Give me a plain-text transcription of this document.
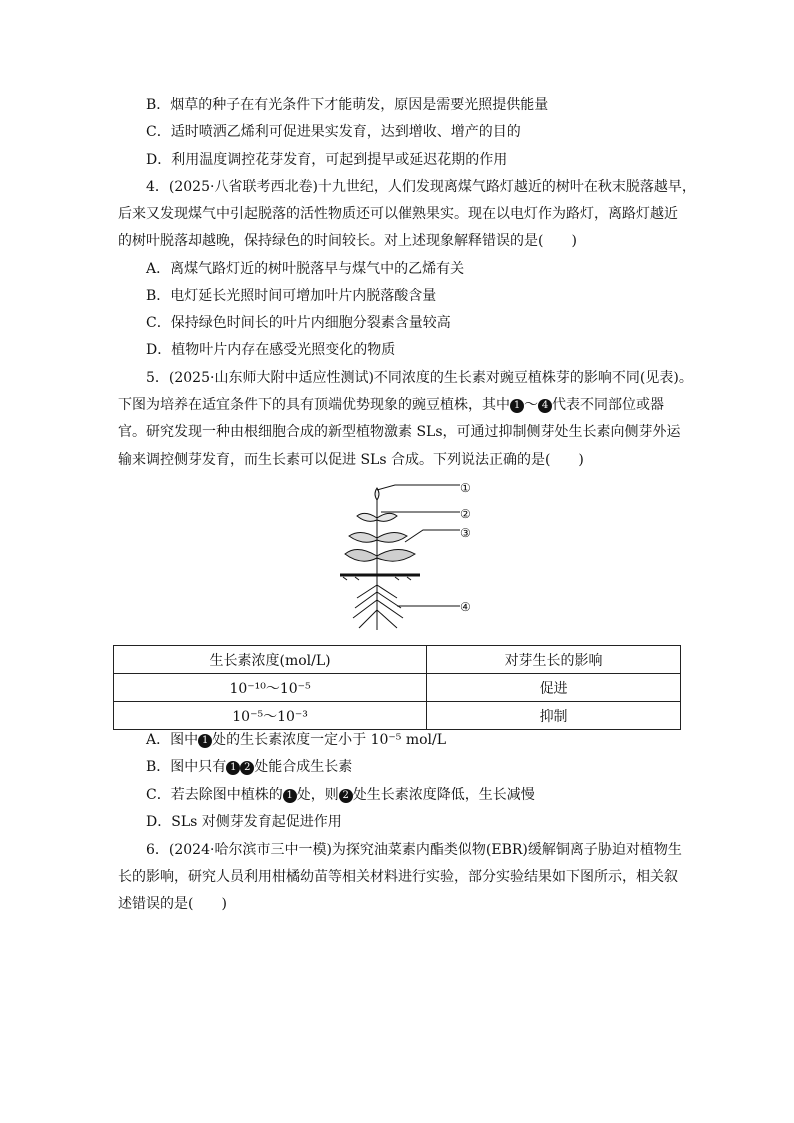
B．烟草的种子在有光条件下才能萌发，原因是需要光照提供能量
C．适时喷洒乙烯利可促进果实发育，达到增收、增产的目的
D．利用温度调控花芽发育，可起到提早或延迟花期的作用
4．(2025·八省联考西北卷)十九世纪，人们发现离煤气路灯越近的树叶在秋末脱落越早，
后来又发现煤气中引起脱落的活性物质还可以催熟果实。现在以电灯作为路灯，离路灯越近
的树叶脱落却越晚，保持绿色的时间较长。对上述现象解释错误的是(　　)
A．离煤气路灯近的树叶脱落早与煤气中的乙烯有关
B．电灯延长光照时间可增加叶片内脱落酸含量
C．保持绿色时间长的叶片内细胞分裂素含量较高
D．植物叶片内存在感受光照变化的物质
5．(2025·山东师大附中适应性测试)不同浓度的生长素对豌豆植株芽的影响不同(见表)。
下图为培养在适宜条件下的具有顶端优势现象的豌豆植株，其中 1 ～ 4 代表不同部位或器
官。研究发现一种由根细胞合成的新型植物激素 SLs，可通过抑制侧芽处生长素向侧芽外运
输来调控侧芽发育，而生长素可以促进 SLs 合成。下列说法正确的是(　　)
①
②
③
④
生长素浓度(mol/L)	对芽生长的影响
10⁻¹⁰～10⁻⁵	促进
10⁻⁵～10⁻³	抑制
A．图中 1 处的生长素浓度一定小于 10⁻⁵ mol/L
B．图中只有 1 2 处能合成生长素
C．若去除图中植株的 1 处，则 2 处生长素浓度降低，生长减慢
D．SLs 对侧芽发育起促进作用
6．(2024·哈尔滨市三中一模)为探究油菜素内酯类似物(EBR)缓解铜离子胁迫对植物生
长的影响，研究人员利用柑橘幼苗等相关材料进行实验，部分实验结果如下图所示，相关叙
述错误的是(　　)
